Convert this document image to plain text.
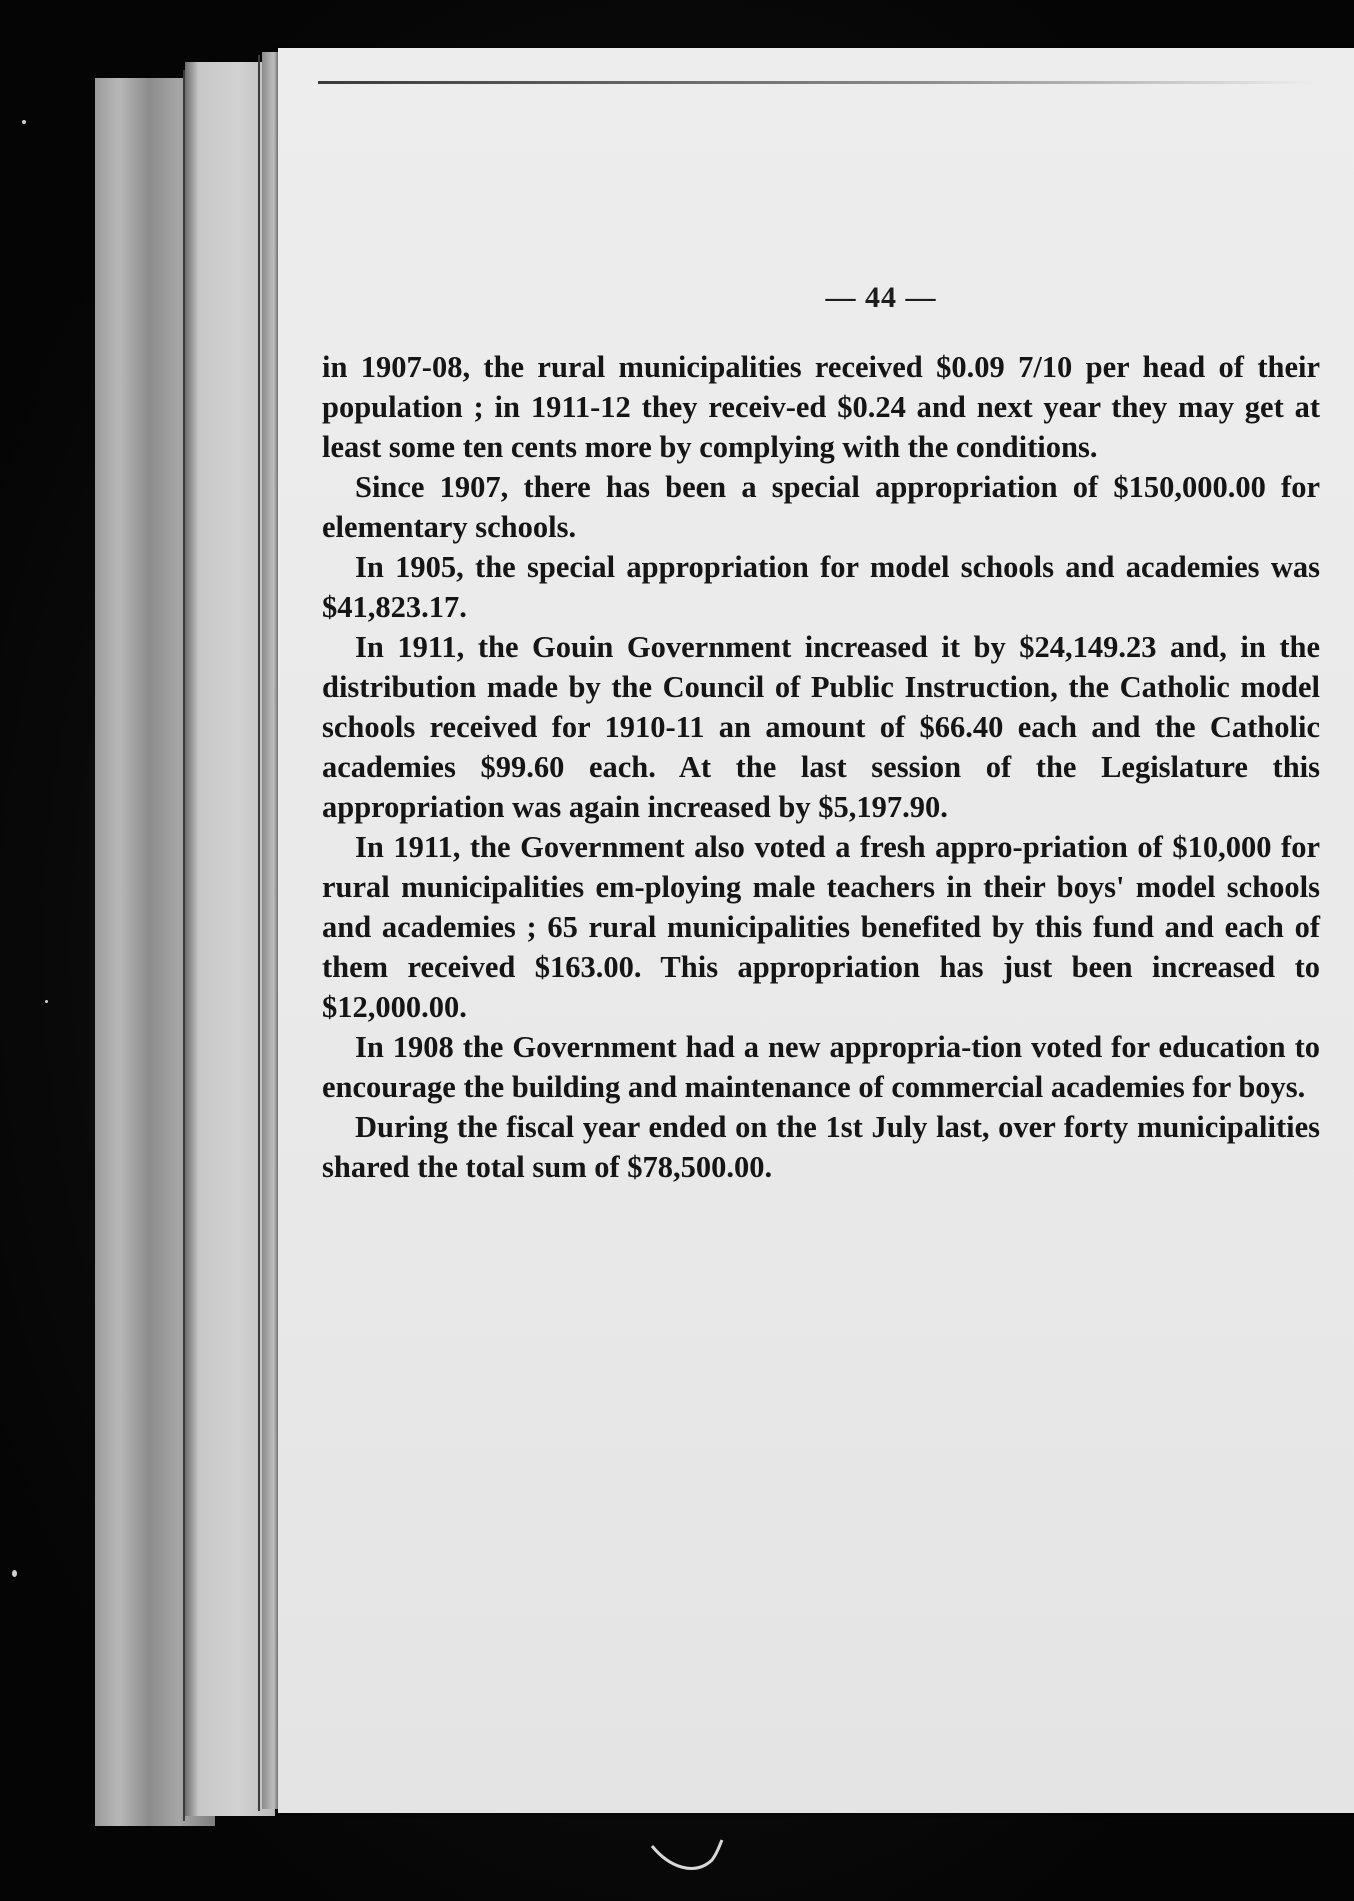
— 44 —

in 1907-08, the rural municipalities received $0.09 7/10 per head of their population ; in 1911-12 they receiv-ed $0.24 and next year they may get at least some ten cents more by complying with the conditions.

Since 1907, there has been a special appropriation of $150,000.00 for elementary schools.

In 1905, the special appropriation for model schools and academies was $41,823.17.

In 1911, the Gouin Government increased it by $24,149.23 and, in the distribution made by the Council of Public Instruction, the Catholic model schools received for 1910-11 an amount of $66.40 each and the Catholic academies $99.60 each. At the last session of the Legislature this appropriation was again increased by $5,197.90.

In 1911, the Government also voted a fresh appro-priation of $10,000 for rural municipalities em-ploying male teachers in their boys' model schools and academies ; 65 rural municipalities benefited by this fund and each of them received $163.00. This appropriation has just been increased to $12,000.00.

In 1908 the Government had a new appropria-tion voted for education to encourage the building and maintenance of commercial academies for boys.

During the fiscal year ended on the 1st July last, over forty municipalities shared the total sum of $78,500.00.
